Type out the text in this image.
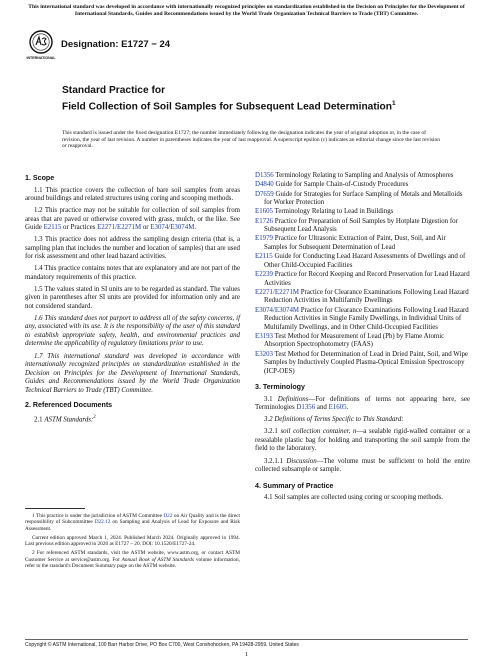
This international standard was developed in accordance with internationally recognized principles on standardization established in the Decision on Principles for the Development of International Standards, Guides and Recommendations issued by the World Trade Organization Technical Barriers to Trade (TBT) Committee.
INTERNATIONAL
Designation: E1727 − 24
Standard Practice for
Field Collection of Soil Samples for Subsequent Lead Determination$^1$
This standard is issued under the fixed designation E1727; the number immediately following the designation indicates the year of original adoption or, in the case of revision, the year of last revision. A number in parentheses indicates the year of last reapproval. A superscript epsilon (ε) indicates an editorial change since the last revision or reapproval.
1. Scope

1.1 This practice covers the collection of bare soil samples from areas around buildings and related structures using coring and scooping methods.

1.2 This practice may not be suitable for collection of soil samples from areas that are paved or otherwise covered with grass, mulch, or the like. See Guide E2115 or Practices E2271/E2271M or E3074/E3074M.

1.3 This practice does not address the sampling design criteria (that is, a sampling plan that includes the number and location of samples) that are used for risk assessment and other lead hazard activities.

1.4 This practice contains notes that are explanatory and are not part of the mandatory requirements of this practice.

1.5 The values stated in SI units are to be regarded as standard. The values given in parentheses after SI units are provided for information only and are not considered standard.

1.6 This standard does not purport to address all of the safety concerns, if any, associated with its use. It is the responsibility of the user of this standard to establish appropriate safety, health, and environmental practices and determine the applicability of regulatory limitations prior to use.

1.7 This international standard was developed in accordance with internationally recognized principles on standardization established in the Decision on Principles for the Development of International Standards, Guides and Recommendations issued by the World Trade Organization Technical Barriers to Trade (TBT) Committee.

2. Referenced Documents

2.1 ASTM Standards:$^2$

1 This practice is under the jurisdiction of ASTM Committee D22 on Air Quality and is the direct responsibility of Subcommittee D22.12 on Sampling and Analysis of Lead for Exposure and Risk Assessment.

Current edition approved March 1, 2024. Published March 2024. Originally approved in 1994. Last previous edition approved in 2020 as E1727 – 20. DOI: 10.1520/E1727-24.

2 For referenced ASTM standards, visit the ASTM website, www.astm.org, or contact ASTM Customer Service at service@astm.org. For Annual Book of ASTM Standards volume information, refer to the standard's Document Summary page on the ASTM website.

D1356 Terminology Relating to Sampling and Analysis of Atmospheres
D4840 Guide for Sample Chain-of-Custody Procedures
D7659 Guide for Strategies for Surface Sampling of Metals and Metalloids for Worker Protection
E1605 Terminology Relating to Lead in Buildings
E1726 Practice for Preparation of Soil Samples by Hotplate Digestion for Subsequent Lead Analysis
E1979 Practice for Ultrasonic Extraction of Paint, Dust, Soil, and Air Samples for Subsequent Determination of Lead
E2115 Guide for Conducting Lead Hazard Assessments of Dwellings and of Other Child-Occupied Facilities
E2239 Practice for Record Keeping and Record Preservation for Lead Hazard Activities
E2271/E2271M Practice for Clearance Examinations Following Lead Hazard Reduction Activities in Multifamily Dwellings
E3074/E3074M Practice for Clearance Examinations Following Lead Hazard Reduction Activities in Single Family Dwellings, in Individual Units of Multifamily Dwellings, and in Other Child-Occupied Facilities
E3193 Test Method for Measurement of Lead (Pb) by Flame Atomic Absorption Spectrophotometry (FAAS)
E3203 Test Method for Determination of Lead in Dried Paint, Soil, and Wipe Samples by Inductively Coupled Plasma-Optical Emission Spectroscopy (ICP-OES)
3. Terminology

3.1 Definitions—For definitions of terms not appearing here, see Terminologies D1356 and E1605.

3.2 Definitions of Terms Specific to This Standard:

3.2.1 soil collection container, n—a sealable rigid-walled container or a resealable plastic bag for holding and transporting the soil sample from the field to the laboratory.

3.2.1.1 Discussion—The volume must be sufficient to hold the entire collected subsample or sample.

4. Summary of Practice

4.1 Soil samples are collected using coring or scooping methods.

Copyright © ASTM International, 100 Barr Harbor Drive, PO Box C700, West Conshohocken, PA 19428-2959. United States
1
